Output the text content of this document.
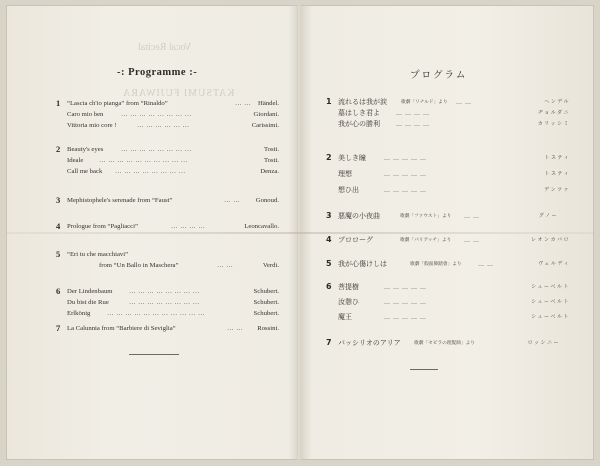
Vocal Recital
KATSUMI FUJIWARA
-: Programme :-	プログラム
1 “Lascia ch'io pianga” from “Rinaldo”	…… Händel.
Caro mio ben	……………………	Giordani.
Vittoria mio core !	………………	Carissimi.
2 Beauty's eyes	……………………	Tosti.
Ideale …………………………	Tosti.
Call me back ……………………	Denza.
3 Mephistophele's serenade from “Faust”	……	Gonoud.
4 Prologue from “Pagliacci”	…………	Leoncavallo.
5 “Eri tu che macchiavi”
from “Un Ballo in Maschera”	……	Verdi.
6 Der Lindenbaum ……………………	Schubert.
Du bist die Rue	……………………	Schubert.
Erlkönig ……………………………	Schubert.
7 La Calunnia from “Barbiere di Seviglia”	…… Rossini.
1 流れるは我が涙	歌劇「リナルド」より ……	ヘンデル
墓はしき君よ	…………	ヂョルダニ
我が心の勝利	…………	カリッシミ
2 美しき瞳	……………	トスティ
理想	……………	トスティ
想ひ出	……………	デンツァ
3 悪魔の小夜曲	歌劇「ファウスト」より ……	グノー
4 プロローグ	歌劇「パリアッチ」より ……	レオンカバロ
5 我が心傷けしは	歌劇「假面舞踏會」より	……	ヴェルディ
6 菩提樹	……………	シューベルト
汝憩ひ	……………	シューベルト
魔王	……………	シューベルト
7 バッシリオのアリア	歌劇「セビラの理髪師」より	ロッシニー
